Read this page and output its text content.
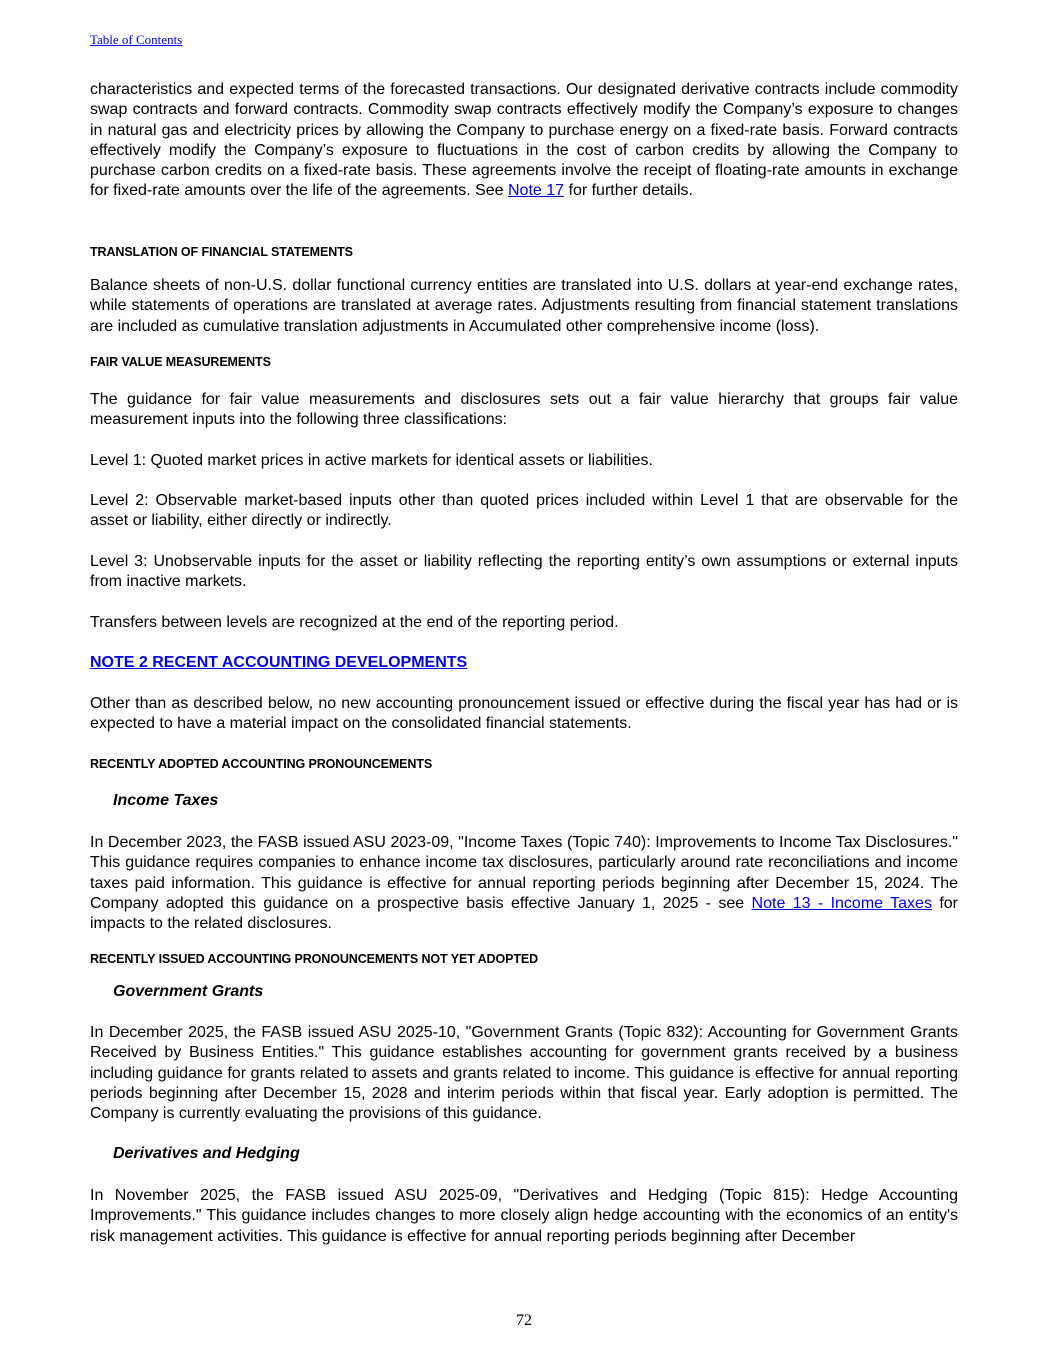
Table of Contents

characteristics and expected terms of the forecasted transactions. Our designated derivative contracts include commodity swap contracts and forward contracts. Commodity swap contracts effectively modify the Company’s exposure to changes in natural gas and electricity prices by allowing the Company to purchase energy on a fixed-rate basis. Forward contracts effectively modify the Company’s exposure to fluctuations in the cost of carbon credits by allowing the Company to purchase carbon credits on a fixed-rate basis. These agreements involve the receipt of floating-rate amounts in exchange for fixed-rate amounts over the life of the agreements. See Note 17 for further details.

TRANSLATION OF FINANCIAL STATEMENTS

Balance sheets of non-U.S. dollar functional currency entities are translated into U.S. dollars at year-end exchange rates, while statements of operations are translated at average rates. Adjustments resulting from financial statement translations are included as cumulative translation adjustments in Accumulated other comprehensive income (loss).

FAIR VALUE MEASUREMENTS

The guidance for fair value measurements and disclosures sets out a fair value hierarchy that groups fair value measurement inputs into the following three classifications:

Level 1: Quoted market prices in active markets for identical assets or liabilities.

Level 2: Observable market-based inputs other than quoted prices included within Level 1 that are observable for the asset or liability, either directly or indirectly.

Level 3: Unobservable inputs for the asset or liability reflecting the reporting entity’s own assumptions or external inputs from inactive markets.

Transfers between levels are recognized at the end of the reporting period.

NOTE 2 RECENT ACCOUNTING DEVELOPMENTS

Other than as described below, no new accounting pronouncement issued or effective during the fiscal year has had or is expected to have a material impact on the consolidated financial statements.

RECENTLY ADOPTED ACCOUNTING PRONOUNCEMENTS

Income Taxes

In December 2023, the FASB issued ASU 2023-09, "Income Taxes (Topic 740): Improvements to Income Tax Disclosures." This guidance requires companies to enhance income tax disclosures, particularly around rate reconciliations and income taxes paid information. This guidance is effective for annual reporting periods beginning after December 15, 2024. The Company adopted this guidance on a prospective basis effective January 1, 2025 - see Note 13 - Income Taxes for impacts to the related disclosures.

RECENTLY ISSUED ACCOUNTING PRONOUNCEMENTS NOT YET ADOPTED

Government Grants

In December 2025, the FASB issued ASU 2025-10, "Government Grants (Topic 832): Accounting for Government Grants Received by Business Entities." This guidance establishes accounting for government grants received by a business including guidance for grants related to assets and grants related to income. This guidance is effective for annual reporting periods beginning after December 15, 2028 and interim periods within that fiscal year. Early adoption is permitted. The Company is currently evaluating the provisions of this guidance.

Derivatives and Hedging

In November 2025, the FASB issued ASU 2025-09, "Derivatives and Hedging (Topic 815): Hedge Accounting Improvements." This guidance includes changes to more closely align hedge accounting with the economics of an entity's risk management activities. This guidance is effective for annual reporting periods beginning after December

72
